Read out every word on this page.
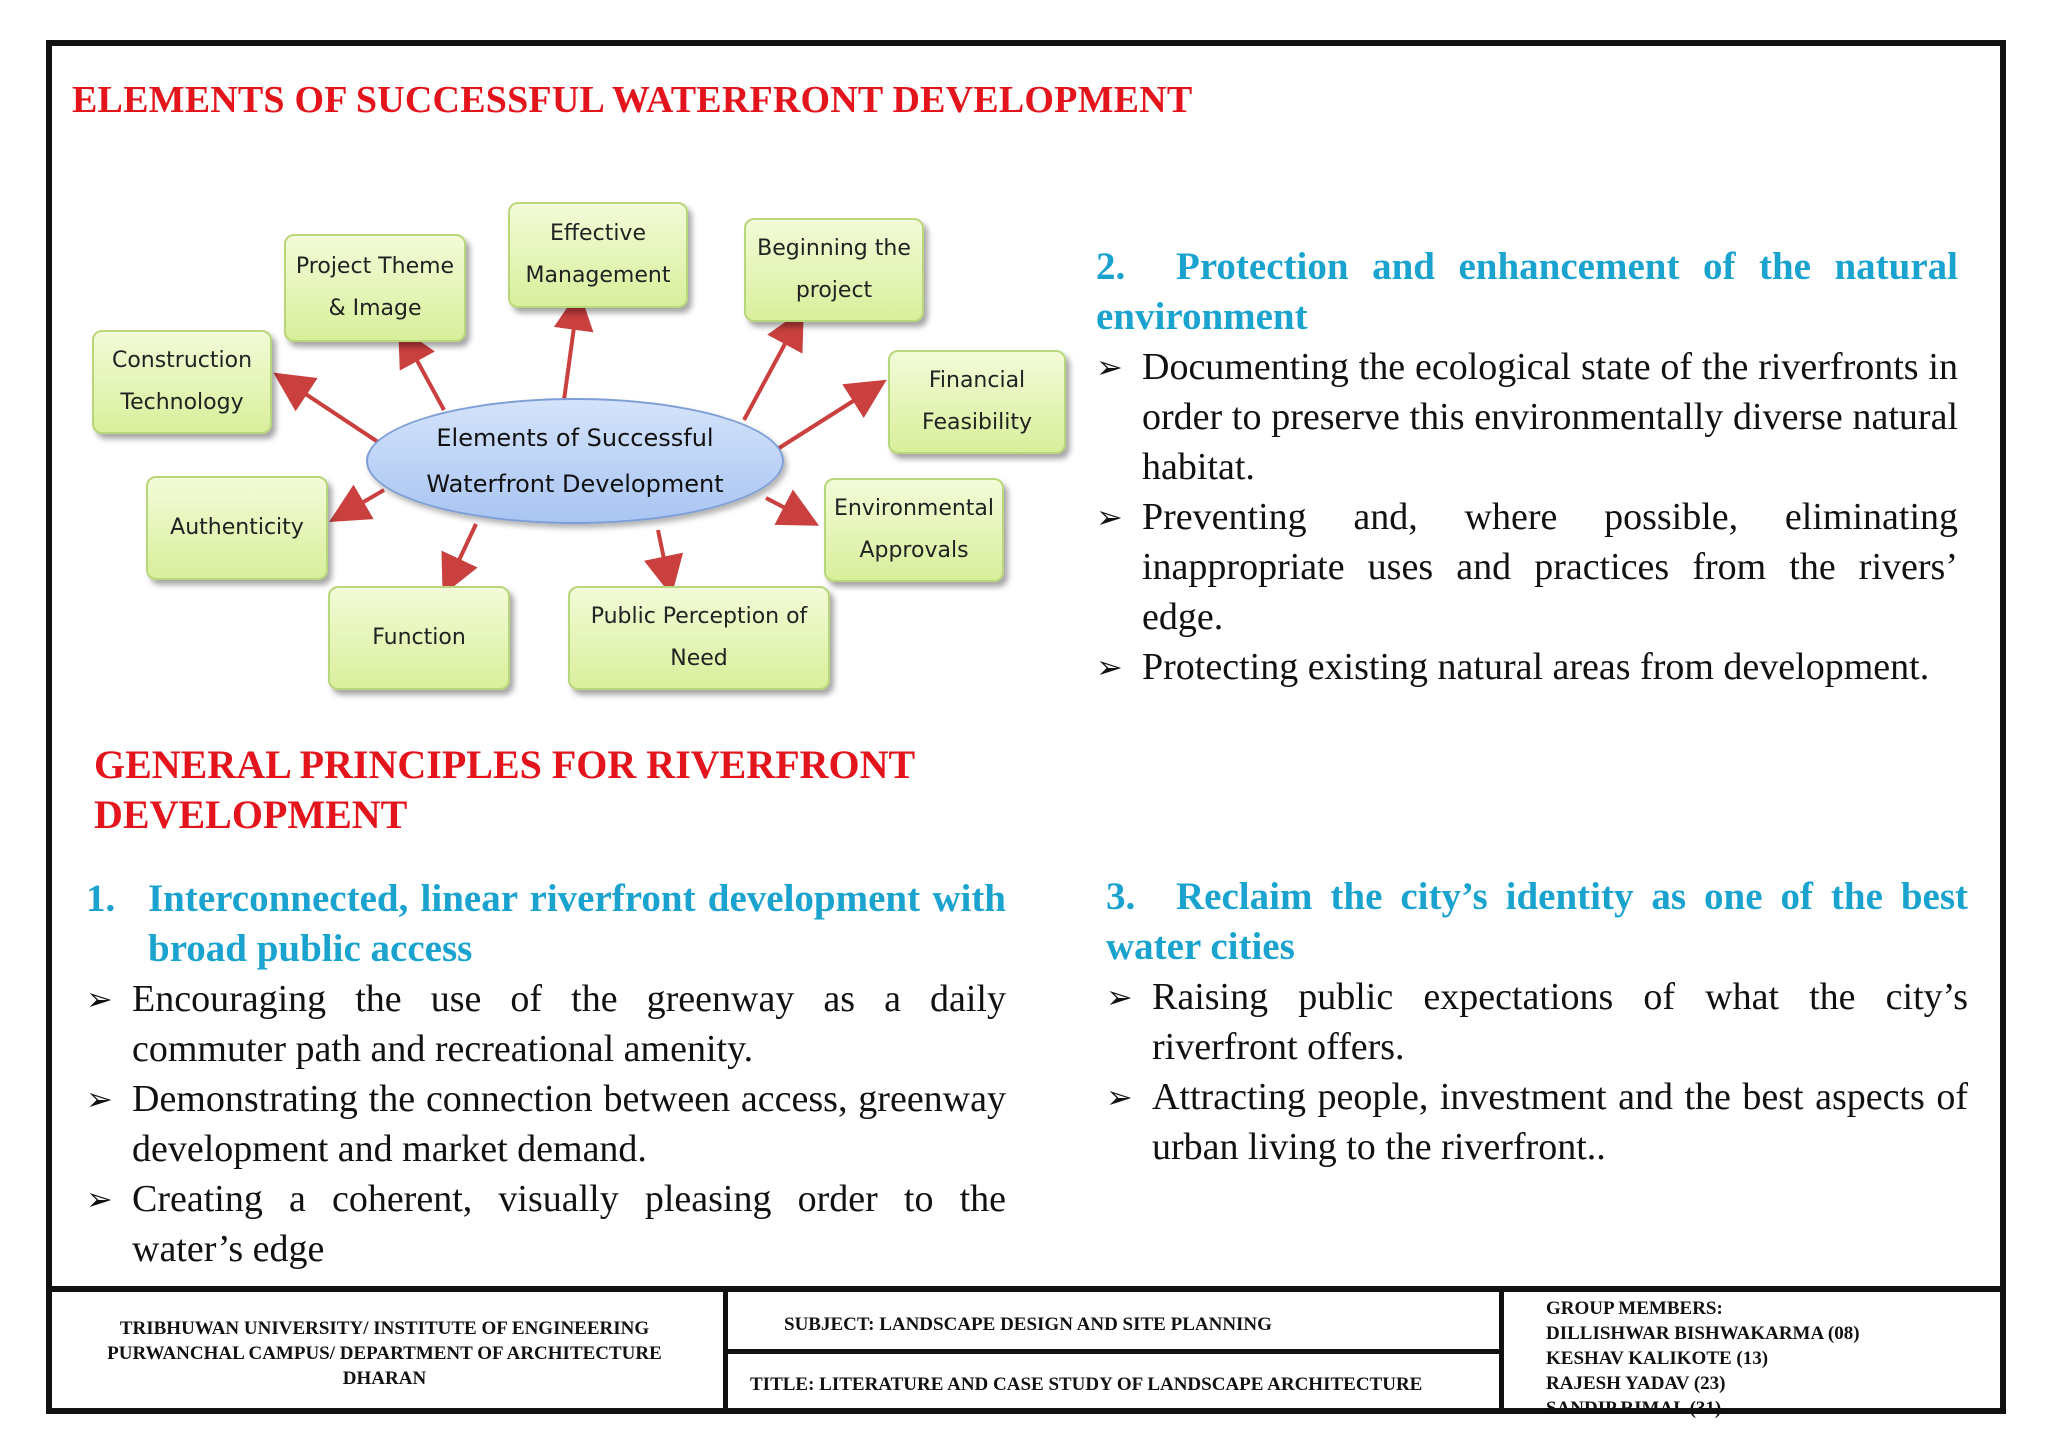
ELEMENTS OF SUCCESSFUL WATERFRONT DEVELOPMENT
Project Theme
& Image
Effective
Management
Beginning the
project
Construction
Technology
Financial
Feasibility
Authenticity
Environmental
Approvals
Function
Public Perception of
Need
Elements of Successful
Waterfront Development
GENERAL PRINCIPLES FOR RIVERFRONT DEVELOPMENT
1. Interconnected, linear riverfront development with broad public access
➢ Encouraging the use of the greenway as a daily commuter path and recreational amenity.
➢ Demonstrating the connection between access, greenway development and market demand.
➢ Creating a coherent, visually pleasing order to the water’s edge
2. Protection and enhancement of the natural environment
➢ Documenting the ecological state of the riverfronts in order to preserve this environmentally diverse natural habitat.
➢ Preventing and, where possible, eliminating inappropriate uses and practices from the rivers’ edge.
➢ Protecting existing natural areas from development.
3. Reclaim the city’s identity as one of the best water cities
➢ Raising public expectations of what the city’s riverfront offers.
➢ Attracting people, investment and the best aspects of urban living to the riverfront..
TRIBHUWAN UNIVERSITY/ INSTITUTE OF ENGINEERING
PURWANCHAL CAMPUS/ DEPARTMENT OF ARCHITECTURE
DHARAN
SUBJECT: LANDSCAPE DESIGN AND SITE PLANNING
TITLE: LITERATURE AND CASE STUDY OF LANDSCAPE ARCHITECTURE
GROUP MEMBERS:
DILLISHWAR BISHWAKARMA (08)
KESHAV KALIKOTE (13)
RAJESH YADAV (23)
SANDIP RIMAL (31)
